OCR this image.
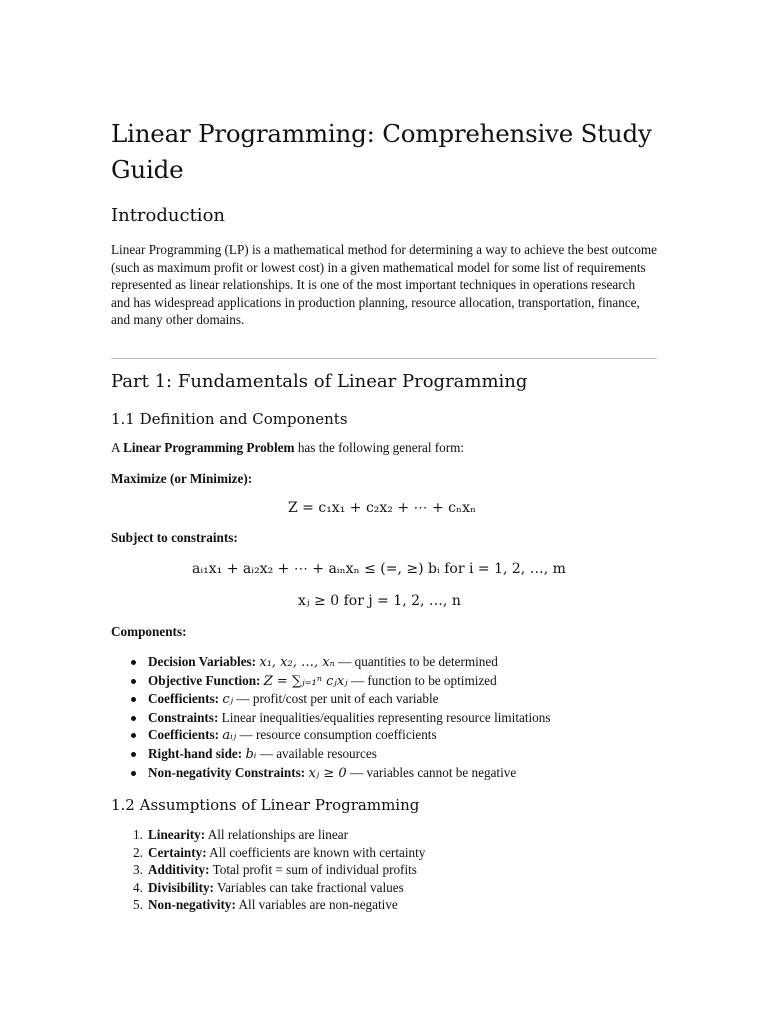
Linear Programming: Comprehensive Study Guide
Introduction

Linear Programming (LP) is a mathematical method for determining a way to achieve the best outcome (such as maximum profit or lowest cost) in a given mathematical model for some list of requirements represented as linear relationships. It is one of the most important techniques in operations research and has widespread applications in production planning, resource allocation, transportation, finance, and many other domains.

Part 1: Fundamentals of Linear Programming
1.1 Definition and Components

A Linear Programming Problem has the following general form:

Maximize (or Minimize):

Z = c₁x₁ + c₂x₂ + ⋯ + cₙxₙ

Subject to constraints:

aᵢ₁x₁ + aᵢ₂x₂ + ⋯ + aᵢₙxₙ ≤ (=, ≥) bᵢ for i = 1, 2, …, m
xⱼ ≥ 0 for j = 1, 2, …, n

Components:

Decision Variables: x₁, x₂, …, xₙ — quantities to be determined
Objective Function: Z = ∑ⱼ₌₁ⁿ cⱼxⱼ — function to be optimized
Coefficients: cⱼ — profit/cost per unit of each variable
Constraints: Linear inequalities/equalities representing resource limitations
Coefficients: aᵢⱼ — resource consumption coefficients
Right-hand side: bᵢ — available resources
Non-negativity Constraints: xⱼ ≥ 0 — variables cannot be negative
1.2 Assumptions of Linear Programming
1. Linearity: All relationships are linear
2. Certainty: All coefficients are known with certainty
3. Additivity: Total profit = sum of individual profits
4. Divisibility: Variables can take fractional values
5. Non-negativity: All variables are non-negative
